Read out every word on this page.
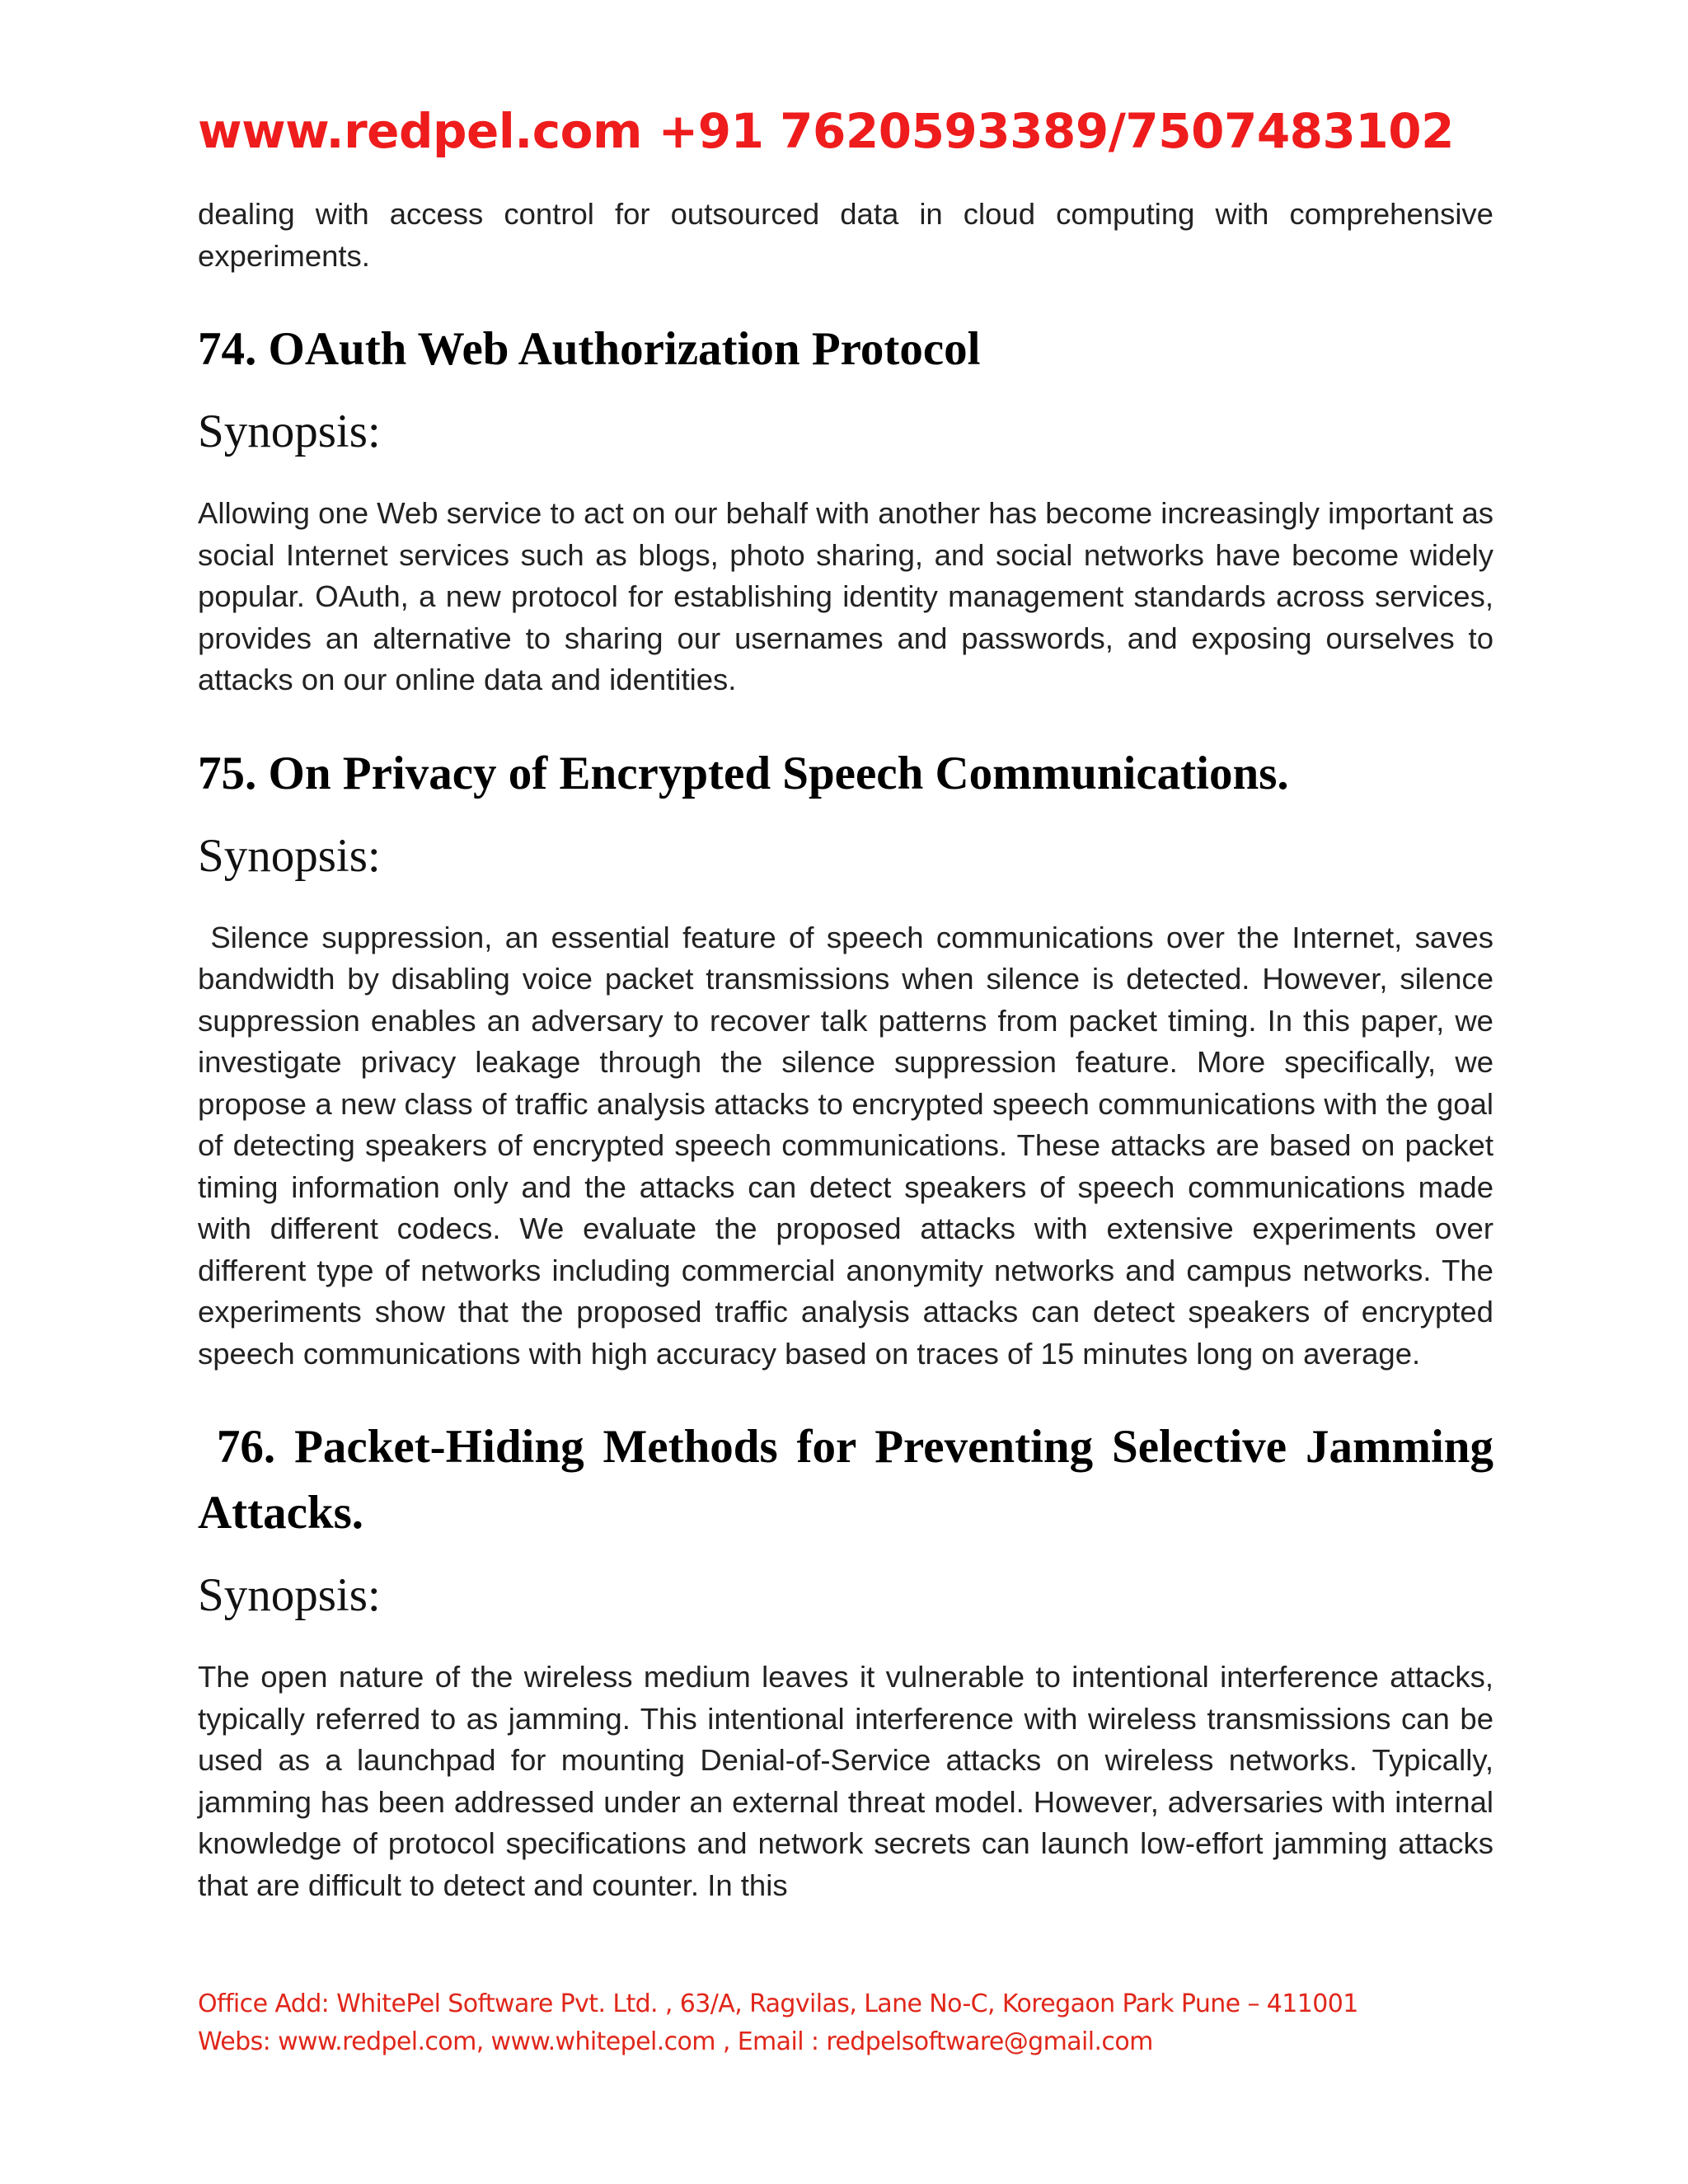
www.redpel.com +91 7620593389/7507483102

dealing with access control for outsourced data in cloud computing with comprehensive experiments.

74. OAuth Web Authorization Protocol
Synopsis:

Allowing one Web service to act on our behalf with another has become increasingly important as social Internet services such as blogs, photo sharing, and social networks have become widely popular. OAuth, a new protocol for establishing identity management standards across services, provides an alternative to sharing our usernames and passwords, and exposing ourselves to attacks on our online data and identities.

75. On Privacy of Encrypted Speech Communications.
Synopsis:

Silence suppression, an essential feature of speech communications over the Internet, saves bandwidth by disabling voice packet transmissions when silence is detected. However, silence suppression enables an adversary to recover talk patterns from packet timing. In this paper, we investigate privacy leakage through the silence suppression feature. More specifically, we propose a new class of traffic analysis attacks to encrypted speech communications with the goal of detecting speakers of encrypted speech communications. These attacks are based on packet timing information only and the attacks can detect speakers of speech communications made with different codecs. We evaluate the proposed attacks with extensive experiments over different type of networks including commercial anonymity networks and campus networks. The experiments show that the proposed traffic analysis attacks can detect speakers of encrypted speech communications with high accuracy based on traces of 15 minutes long on average.

76. Packet-Hiding Methods for Preventing Selective Jamming Attacks.
Synopsis:

The open nature of the wireless medium leaves it vulnerable to intentional interference attacks, typically referred to as jamming. This intentional interference with wireless transmissions can be used as a launchpad for mounting Denial-of-Service attacks on wireless networks. Typically, jamming has been addressed under an external threat model. However, adversaries with internal knowledge of protocol specifications and network secrets can launch low-effort jamming attacks that are difficult to detect and counter. In this

Office Add: WhitePel Software Pvt. Ltd. , 63/A, Ragvilas, Lane No-C, Koregaon Park Pune – 411001
Webs: www.redpel.com, www.whitepel.com , Email : redpelsoftware@gmail.com
